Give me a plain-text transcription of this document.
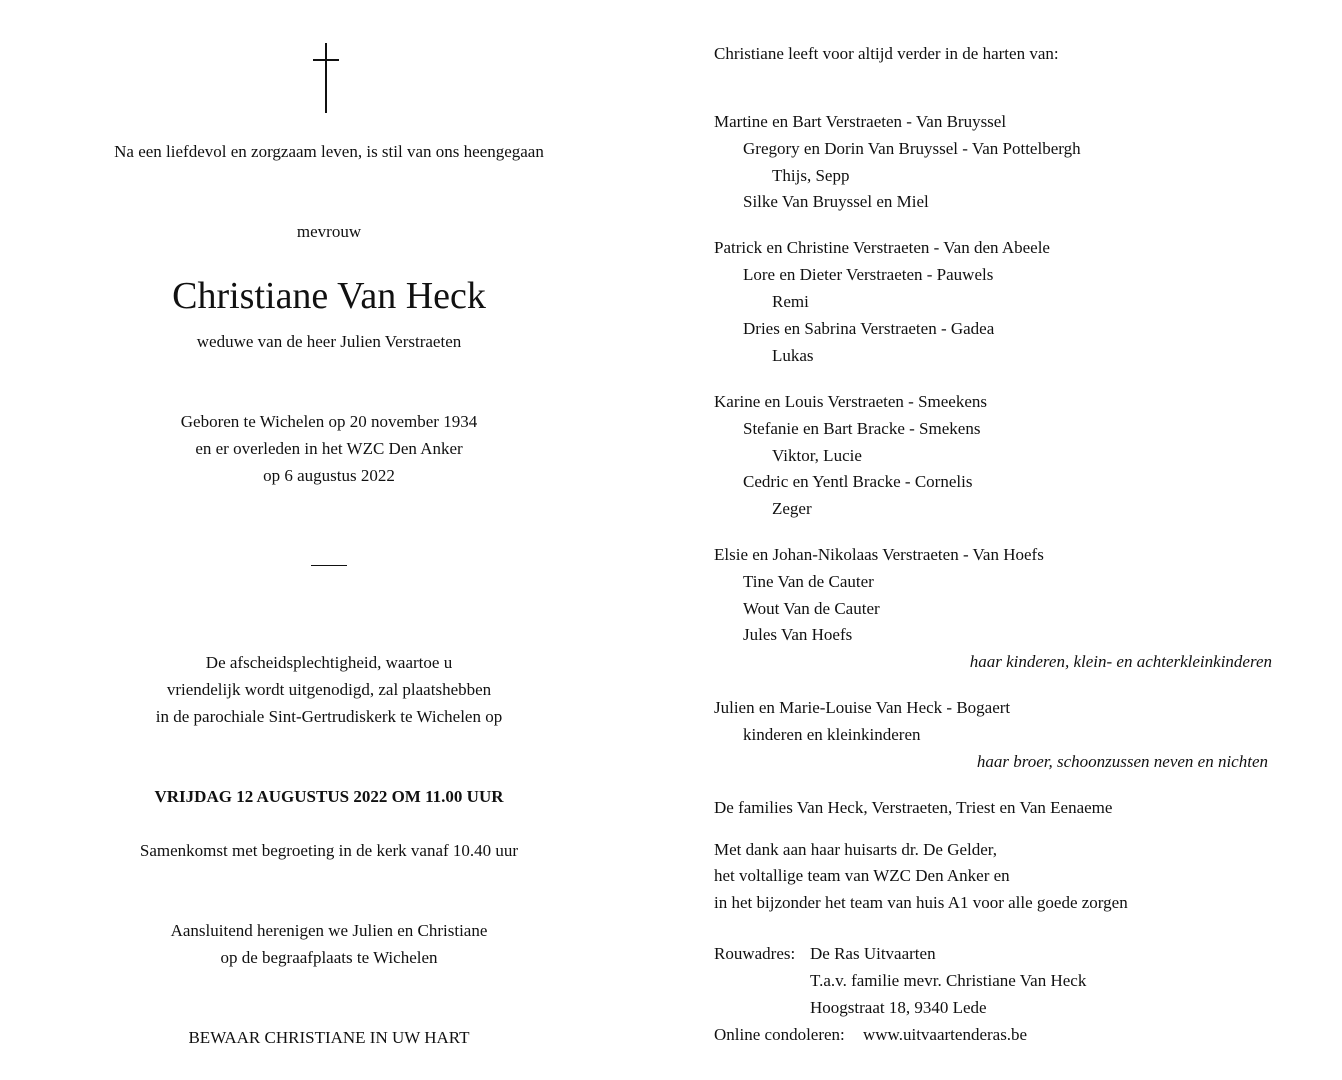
Na een liefdevol en zorgzaam leven, is stil van ons heengegaan
mevrouw
Christiane Van Heck
weduwe van de heer Julien Verstraeten
Geboren te Wichelen op 20 november 1934
en er overleden in het WZC Den Anker
op 6 augustus 2022
De afscheidsplechtigheid, waartoe u
vriendelijk wordt uitgenodigd, zal plaatshebben
in de parochiale Sint-Gertrudiskerk te Wichelen op
VRIJDAG 12 AUGUSTUS 2022 OM 11.00 UUR
Samenkomst met begroeting in de kerk vanaf 10.40 uur
Aansluitend herenigen we Julien en Christiane
op de begraafplaats te Wichelen
BEWAAR CHRISTIANE IN UW HART
Christiane leeft voor altijd verder in de harten van:
Martine en Bart Verstraeten - Van Bruyssel
Gregory en Dorin Van Bruyssel - Van Pottelbergh
Thijs, Sepp
Silke Van Bruyssel en Miel
Patrick en Christine Verstraeten - Van den Abeele
Lore en Dieter Verstraeten - Pauwels
Remi
Dries en Sabrina Verstraeten - Gadea
Lukas
Karine en Louis Verstraeten - Smeekens
Stefanie en Bart Bracke - Smekens
Viktor, Lucie
Cedric en Yentl Bracke - Cornelis
Zeger
Elsie en Johan-Nikolaas Verstraeten - Van Hoefs
Tine Van de Cauter
Wout Van de Cauter
Jules Van Hoefs
haar kinderen, klein- en achterkleinkinderen
Julien en Marie-Louise Van Heck - Bogaert
kinderen en kleinkinderen
haar broer, schoonzussen neven en nichten
De families Van Heck, Verstraeten, Triest en Van Eenaeme
Met dank aan haar huisarts dr. De Gelder,
het voltallige team van WZC Den Anker en
in het bijzonder het team van huis A1 voor alle goede zorgen
Rouwadres: De Ras Uitvaarten
T.a.v. familie mevr. Christiane Van Heck
Hoogstraat 18, 9340 Lede
Online condoleren: www.uitvaartenderas.be
